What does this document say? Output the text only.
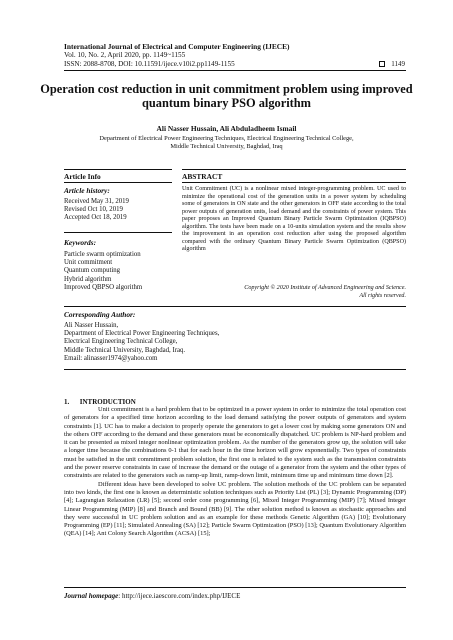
International Journal of Electrical and Computer Engineering (IJECE)
Vol. 10, No. 2, April 2020, pp. 1149~1155
ISSN: 2088-8708, DOI: 10.11591/ijece.v10i2.pp1149-1155	1149
Operation cost reduction in unit commitment problem using improved quantum binary PSO algorithm
Ali Nasser Hussain, Ali Abduladheem Ismail
Department of Electrical Power Engineering Techniques, Electrical Engineering Technical College,
Middle Technical University, Baghdad, Iraq
Article Info	ABSTRACT
Article history:
Received May 31, 2019
Revised Oct 10, 2019
Accepted Oct 18, 2019
Keywords:
Particle swarm optimization
Unit commitment
Quantum computing
Hybrid algorithm
Improved QBPSO algorithm
Unit Commitment (UC) is a nonlinear mixed integer-programming problem. UC used to minimize the operational cost of the generation units in a power system by scheduling some of generators in ON state and the other generators in OFF state according to the total power outputs of generation units, load demand and the constraints of power system. This paper proposes an Improved Quantum Binary Particle Swarm Optimization (IQBPSO) algorithm. The tests have been made on a 10-units simulation system and the results show the improvement in an operation cost reduction after using the proposed algorithm compared with the ordinary Quantum Binary Particle Swarm Optimization (QBPSO) algorithm
Copyright © 2020 Institute of Advanced Engineering and Science.
All rights reserved.
Corresponding Author:
Ali Nasser Hussain,
Department of Electrical Power Engineering Techniques,
Electrical Engineering Technical College,
Middle Technical University, Baghdad, Iraq.
Email: alinasser1974@yahoo.com
1.      INTRODUCTION

Unit commitment is a hard problem that to be optimized in a power system in order to minimize the total operation cost of generators for a specified time horizon according to the load demand satisfying the power outputs of generators and system constraints [1]. UC has to make a decision to properly operate the generators to get a lower cost by making some generators ON and the others OFF according to the demand and these generators must be economically dispatched. UC problem is NP-hard problem and it can be presented as mixed integer nonlinear optimization problem. As the number of the generators grow up, the solution will take a longer time because the combinations 0-1 that for each hour in the time horizon will grow exponentially. Two types of constraints must be satisfied in the unit commitment problem solution, the first one is related to the system such as the transmission constraints and the power reserve constraints in case of increase the demand or the outage of a generator from the system and the other types of constraints are related to the generators such as ramp-up limit, ramp-down limit, minimum time up and minimum time down [2].

Different ideas have been developed to solve UC problem. The solution methods of the UC problem can be separated into two kinds, the first one is known as deterministic solution techniques such as Priority List (PL) [3]; Dynamic Programming (DP) [4]; Lagrangian Relaxation (LR) [5]; second order cone programming [6], Mixed Integer Programming (MIP) [7]; Mixed Integer Linear Programming (MIP) [8] and Branch and Bound (BB) [9]. The other solution method is known as stochastic approaches and they were successful in UC problem solution and as an example for these methods Genetic Algorithm (GA) [10]; Evolutionary Programming (EP) [11]; Simulated Annealing (SA) [12]; Particle Swarm Optimization (PSO) [13]; Quantum Evolutionary Algorithm (QEA) [14]; Ant Colony Search Algorithm (ACSA) [15];

Journal homepage: http://ijece.iaescore.com/index.php/IJECE
